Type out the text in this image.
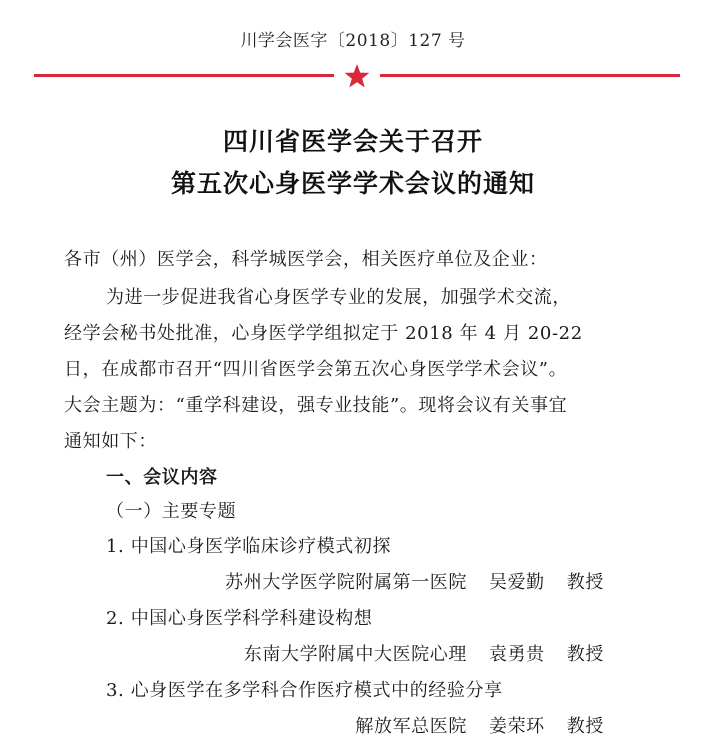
川学会医字〔2018〕127 号
四川省医学会关于召开
第五次心身医学学术会议的通知
各市（州）医学会，科学城医学会，相关医疗单位及企业：
为进一步促进我省心身医学专业的发展，加强学术交流，
经学会秘书处批准，心身医学学组拟定于 2018 年 4 月 20-22
日，在成都市召开“四川省医学会第五次心身医学学术会议”。
大会主题为：“重学科建设，强专业技能”。现将会议有关事宜
通知如下：
一、会议内容
（一）主要专题
1. 中国心身医学临床诊疗模式初探
苏州大学医学院附属第一医院 吴爱勤 教授
2. 中国心身医学科学科建设构想
东南大学附属中大医院心理 袁勇贵 教授
3. 心身医学在多学科合作医疗模式中的经验分享
解放军总医院 姜荣环 教授
